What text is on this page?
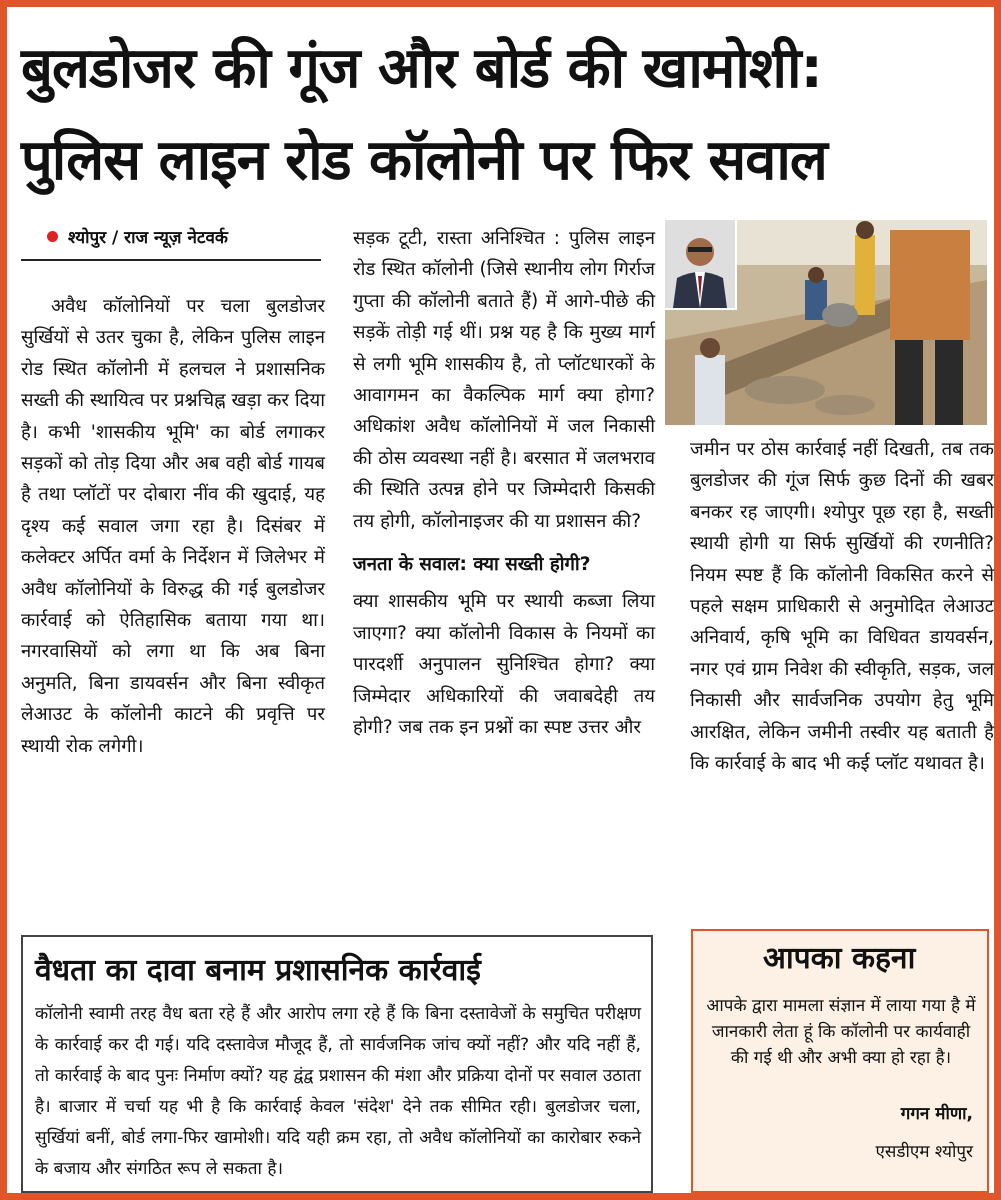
बुलडोजर की गूंज और बोर्ड की खामोशी:
पुलिस लाइन रोड कॉलोनी पर फिर सवाल
श्योपुर / राज न्यूज़ नेटवर्क

अवैध कॉलोनियों पर चला बुलडोजर सुर्खियों से उतर चुका है, लेकिन पुलिस लाइन रोड स्थित कॉलोनी में हलचल ने प्रशासनिक सख्ती की स्थायित्व पर प्रश्नचिह्न खड़ा कर दिया है। कभी 'शासकीय भूमि' का बोर्ड लगाकर सड़कों को तोड़ दिया और अब वही बोर्ड गायब है तथा प्लॉटों पर दोबारा नींव की खुदाई, यह दृश्य कई सवाल जगा रहा है। दिसंबर में कलेक्टर अर्पित वर्मा के निर्देशन में जिलेभर में अवैध कॉलोनियों के विरुद्ध की गई बुलडोजर कार्रवाई को ऐतिहासिक बताया गया था। नगरवासियों को लगा था कि अब बिना अनुमति, बिना डायवर्सन और बिना स्वीकृत लेआउट के कॉलोनी काटने की प्रवृत्ति पर स्थायी रोक लगेगी।

सड़क टूटी, रास्ता अनिश्चित : पुलिस लाइन रोड स्थित कॉलोनी (जिसे स्थानीय लोग गिर्राज गुप्ता की कॉलोनी बताते हैं) में आगे-पीछे की सड़कें तोड़ी गई थीं। प्रश्न यह है कि मुख्य मार्ग से लगी भूमि शासकीय है, तो प्लॉटधारकों के आवागमन का वैकल्पिक मार्ग क्या होगा? अधिकांश अवैध कॉलोनियों में जल निकासी की ठोस व्यवस्था नहीं है। बरसात में जलभराव की स्थिति उत्पन्न होने पर जिम्मेदारी किसकी तय होगी, कॉलोनाइजर की या प्रशासन की?

जनता के सवाल: क्या सख्ती होगी?

क्या शासकीय भूमि पर स्थायी कब्जा लिया जाएगा? क्या कॉलोनी विकास के नियमों का पारदर्शी अनुपालन सुनिश्चित होगा? क्या जिम्मेदार अधिकारियों की जवाबदेही तय होगी? जब तक इन प्रश्नों का स्पष्ट उत्तर और

जमीन पर ठोस कार्रवाई नहीं दिखती, तब तक बुलडोजर की गूंज सिर्फ कुछ दिनों की खबर बनकर रह जाएगी। श्योपुर पूछ रहा है, सख्ती स्थायी होगी या सिर्फ सुर्खियों की रणनीति? नियम स्पष्ट हैं कि कॉलोनी विकसित करने से पहले सक्षम प्राधिकारी से अनुमोदित लेआउट अनिवार्य, कृषि भूमि का विधिवत डायवर्सन, नगर एवं ग्राम निवेश की स्वीकृति, सड़क, जल निकासी और सार्वजनिक उपयोग हेतु भूमि आरक्षित, लेकिन जमीनी तस्वीर यह बताती है कि कार्रवाई के बाद भी कई प्लॉट यथावत है।

वैधता का दावा बनाम प्रशासनिक कार्रवाई
कॉलोनी स्वामी तरह वैध बता रहे हैं और आरोप लगा रहे हैं कि बिना दस्तावेजों के समुचित परीक्षण के कार्रवाई कर दी गई। यदि दस्तावेज मौजूद हैं, तो सार्वजनिक जांच क्यों नहीं? और यदि नहीं हैं, तो कार्रवाई के बाद पुनः निर्माण क्यों? यह द्वंद्व प्रशासन की मंशा और प्रक्रिया दोनों पर सवाल उठाता है। बाजार में चर्चा यह भी है कि कार्रवाई केवल 'संदेश' देने तक सीमित रही। बुलडोजर चला, सुर्खियां बनीं, बोर्ड लगा-फिर खामोशी। यदि यही क्रम रहा, तो अवैध कॉलोनियों का कारोबार रुकने के बजाय और संगठित रूप ले सकता है।
आपका कहना
आपके द्वारा मामला संज्ञान में लाया गया है में जानकारी लेता हूं कि कॉलोनी पर कार्यवाही की गई थी और अभी क्या हो रहा है।
गगन मीणा,
एसडीएम श्योपुर
